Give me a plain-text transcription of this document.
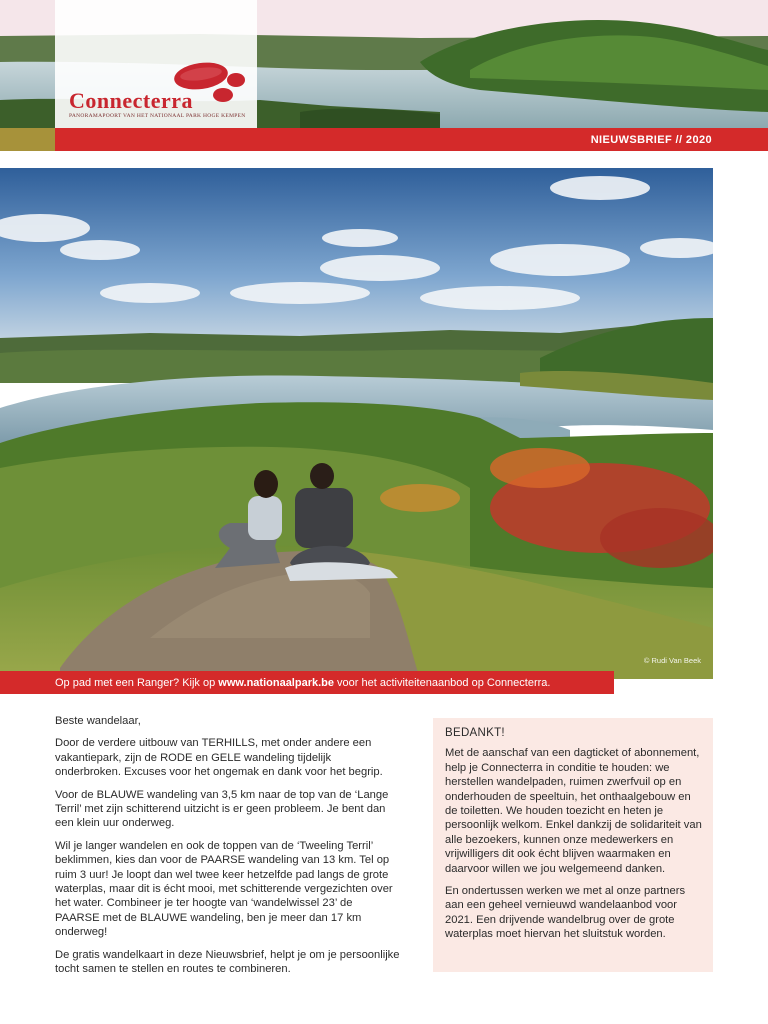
Connecterra
PANORAMAPOORT VAN HET NATIONAAL PARK HOGE KEMPEN
NIEUWSBRIEF // 2020
© Rudi Van Beek
Op pad met een Ranger? Kijk op www.nationaalpark.be voor het activiteitenaanbod op Connecterra.

Beste wandelaar,

Door de verdere uitbouw van TERHILLS, met onder andere een vakantiepark, zijn de RODE en GELE wandeling tijdelijk onderbroken. Excuses voor het ongemak en dank voor het begrip.

Voor de BLAUWE wandeling van 3,5 km naar de top van de ‘Lange Terril’ met zijn schitterend uitzicht is er geen probleem. Je bent dan een klein uur onderweg.

Wil je langer wandelen en ook de toppen van de ‘Tweeling Terril’ beklimmen, kies dan voor de PAARSE wandeling van 13 km. Tel op ruim 3 uur! Je loopt dan wel twee keer hetzelfde pad langs de grote waterplas, maar dit is écht mooi, met schitterende vergezichten over het water. Combineer je ter hoogte van ‘wandelwissel 23’ de PAARSE met de BLAUWE wandeling, ben je meer dan 17 km onderweg!

De gratis wandelkaart in deze Nieuwsbrief, helpt je om je persoonlijke tocht samen te stellen en routes te combineren.

BEDANKT!

Met de aanschaf van een dagticket of abonnement, help je Connecterra in conditie te houden: we herstellen wandelpaden, ruimen zwerfvuil op en onderhouden de speeltuin, het onthaalgebouw en de toiletten. We houden toezicht en heten je persoonlijk welkom. Enkel dankzij de solidariteit van alle bezoekers, kunnen onze medewerkers en vrijwilligers dit ook écht blijven waarmaken en daarvoor willen we jou welgemeend danken.

En ondertussen werken we met al onze partners aan een geheel vernieuwd wandelaanbod voor 2021. Een drijvende wandelbrug over de grote waterplas moet hiervan het sluitstuk worden.
